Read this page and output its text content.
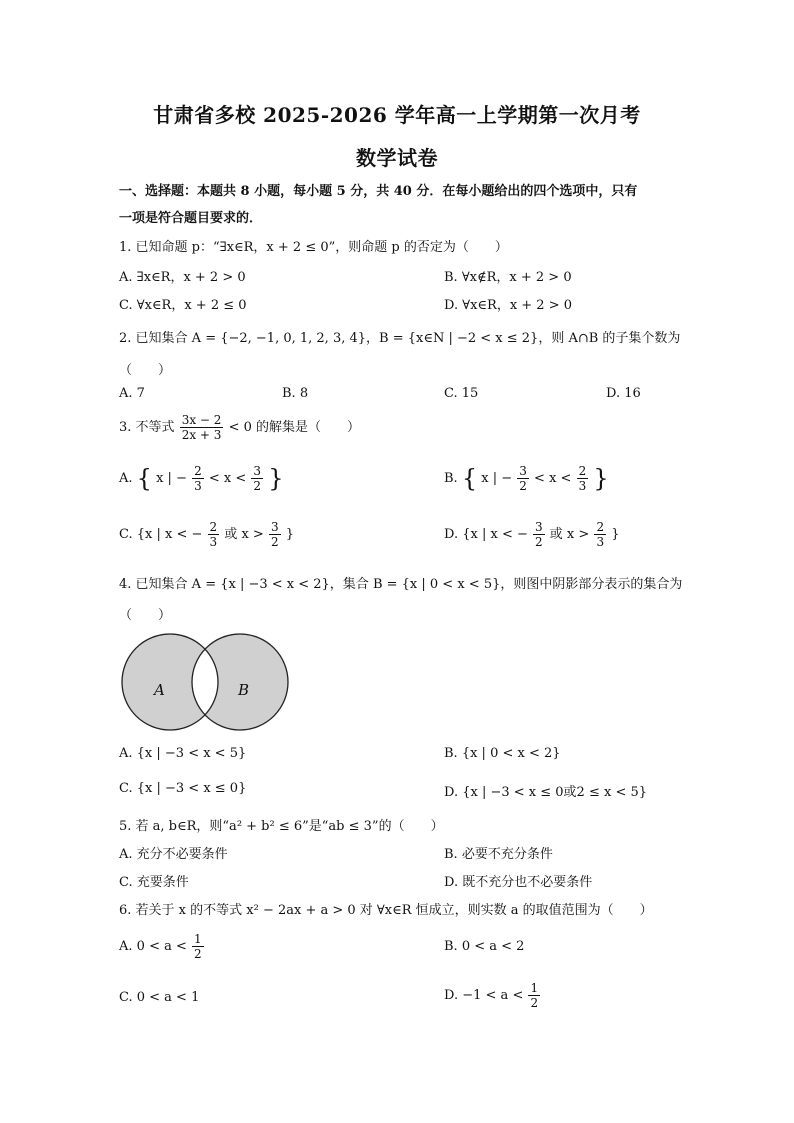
甘肃省多校 2025-2026 学年高一上学期第一次月考
数学试卷
一、选择题：本题共 8 小题，每小题 5 分，共 40 分．在每小题给出的四个选项中，只有
一项是符合题目要求的．
1. 已知命题 p：“∃x∈R，x + 2 ≤ 0”，则命题 p 的否定为（　　）
A. ∃x∈R，x + 2 > 0	B. ∀x∉R，x + 2 > 0
C. ∀x∈R，x + 2 ≤ 0	D. ∀x∈R，x + 2 > 0
2. 已知集合 A = {−2, −1, 0, 1, 2, 3, 4}，B = {x∈N | −2 < x ≤ 2}，则 A∩B 的子集个数为
（　　）
A. 7	B. 8	C. 15	D. 16
3. 不等式 $\frac{3x - 2}{2x + 3} < 0$ 的解集是（　　）
A. { x | − $\frac{2}{3} < x < \frac{3}{2}$ }	B. { x | − $\frac{3}{2} < x < \frac{2}{3}$ }
C. {x | x < − $\frac{2}{3}$ 或 $x > \frac{3}{2}$ }	D. {x | x < − $\frac{3}{2}$ 或 $x > \frac{2}{3}$ }
4. 已知集合 A = {x | −3 < x < 2}，集合 B = {x | 0 < x < 5}，则图中阴影部分表示的集合为
（　　）
A	B
A. {x | −3 < x < 5}	B. {x | 0 < x < 2}
C. {x | −3 < x ≤ 0}	D. {x | −3 < x ≤ 0或2 ≤ x < 5}
5. 若 a, b∈R，则“a² + b² ≤ 6”是“ab ≤ 3”的（　　）
A. 充分不必要条件	B. 必要不充分条件
C. 充要条件	D. 既不充分也不必要条件
6. 若关于 x 的不等式 x² − 2ax + a > 0 对 ∀x∈R 恒成立，则实数 a 的取值范围为（　　）
A. $0 < a < \frac{1}{2}$	B. 0 < a < 2
C. 0 < a < 1	D. $-1 < a < \frac{1}{2}$
